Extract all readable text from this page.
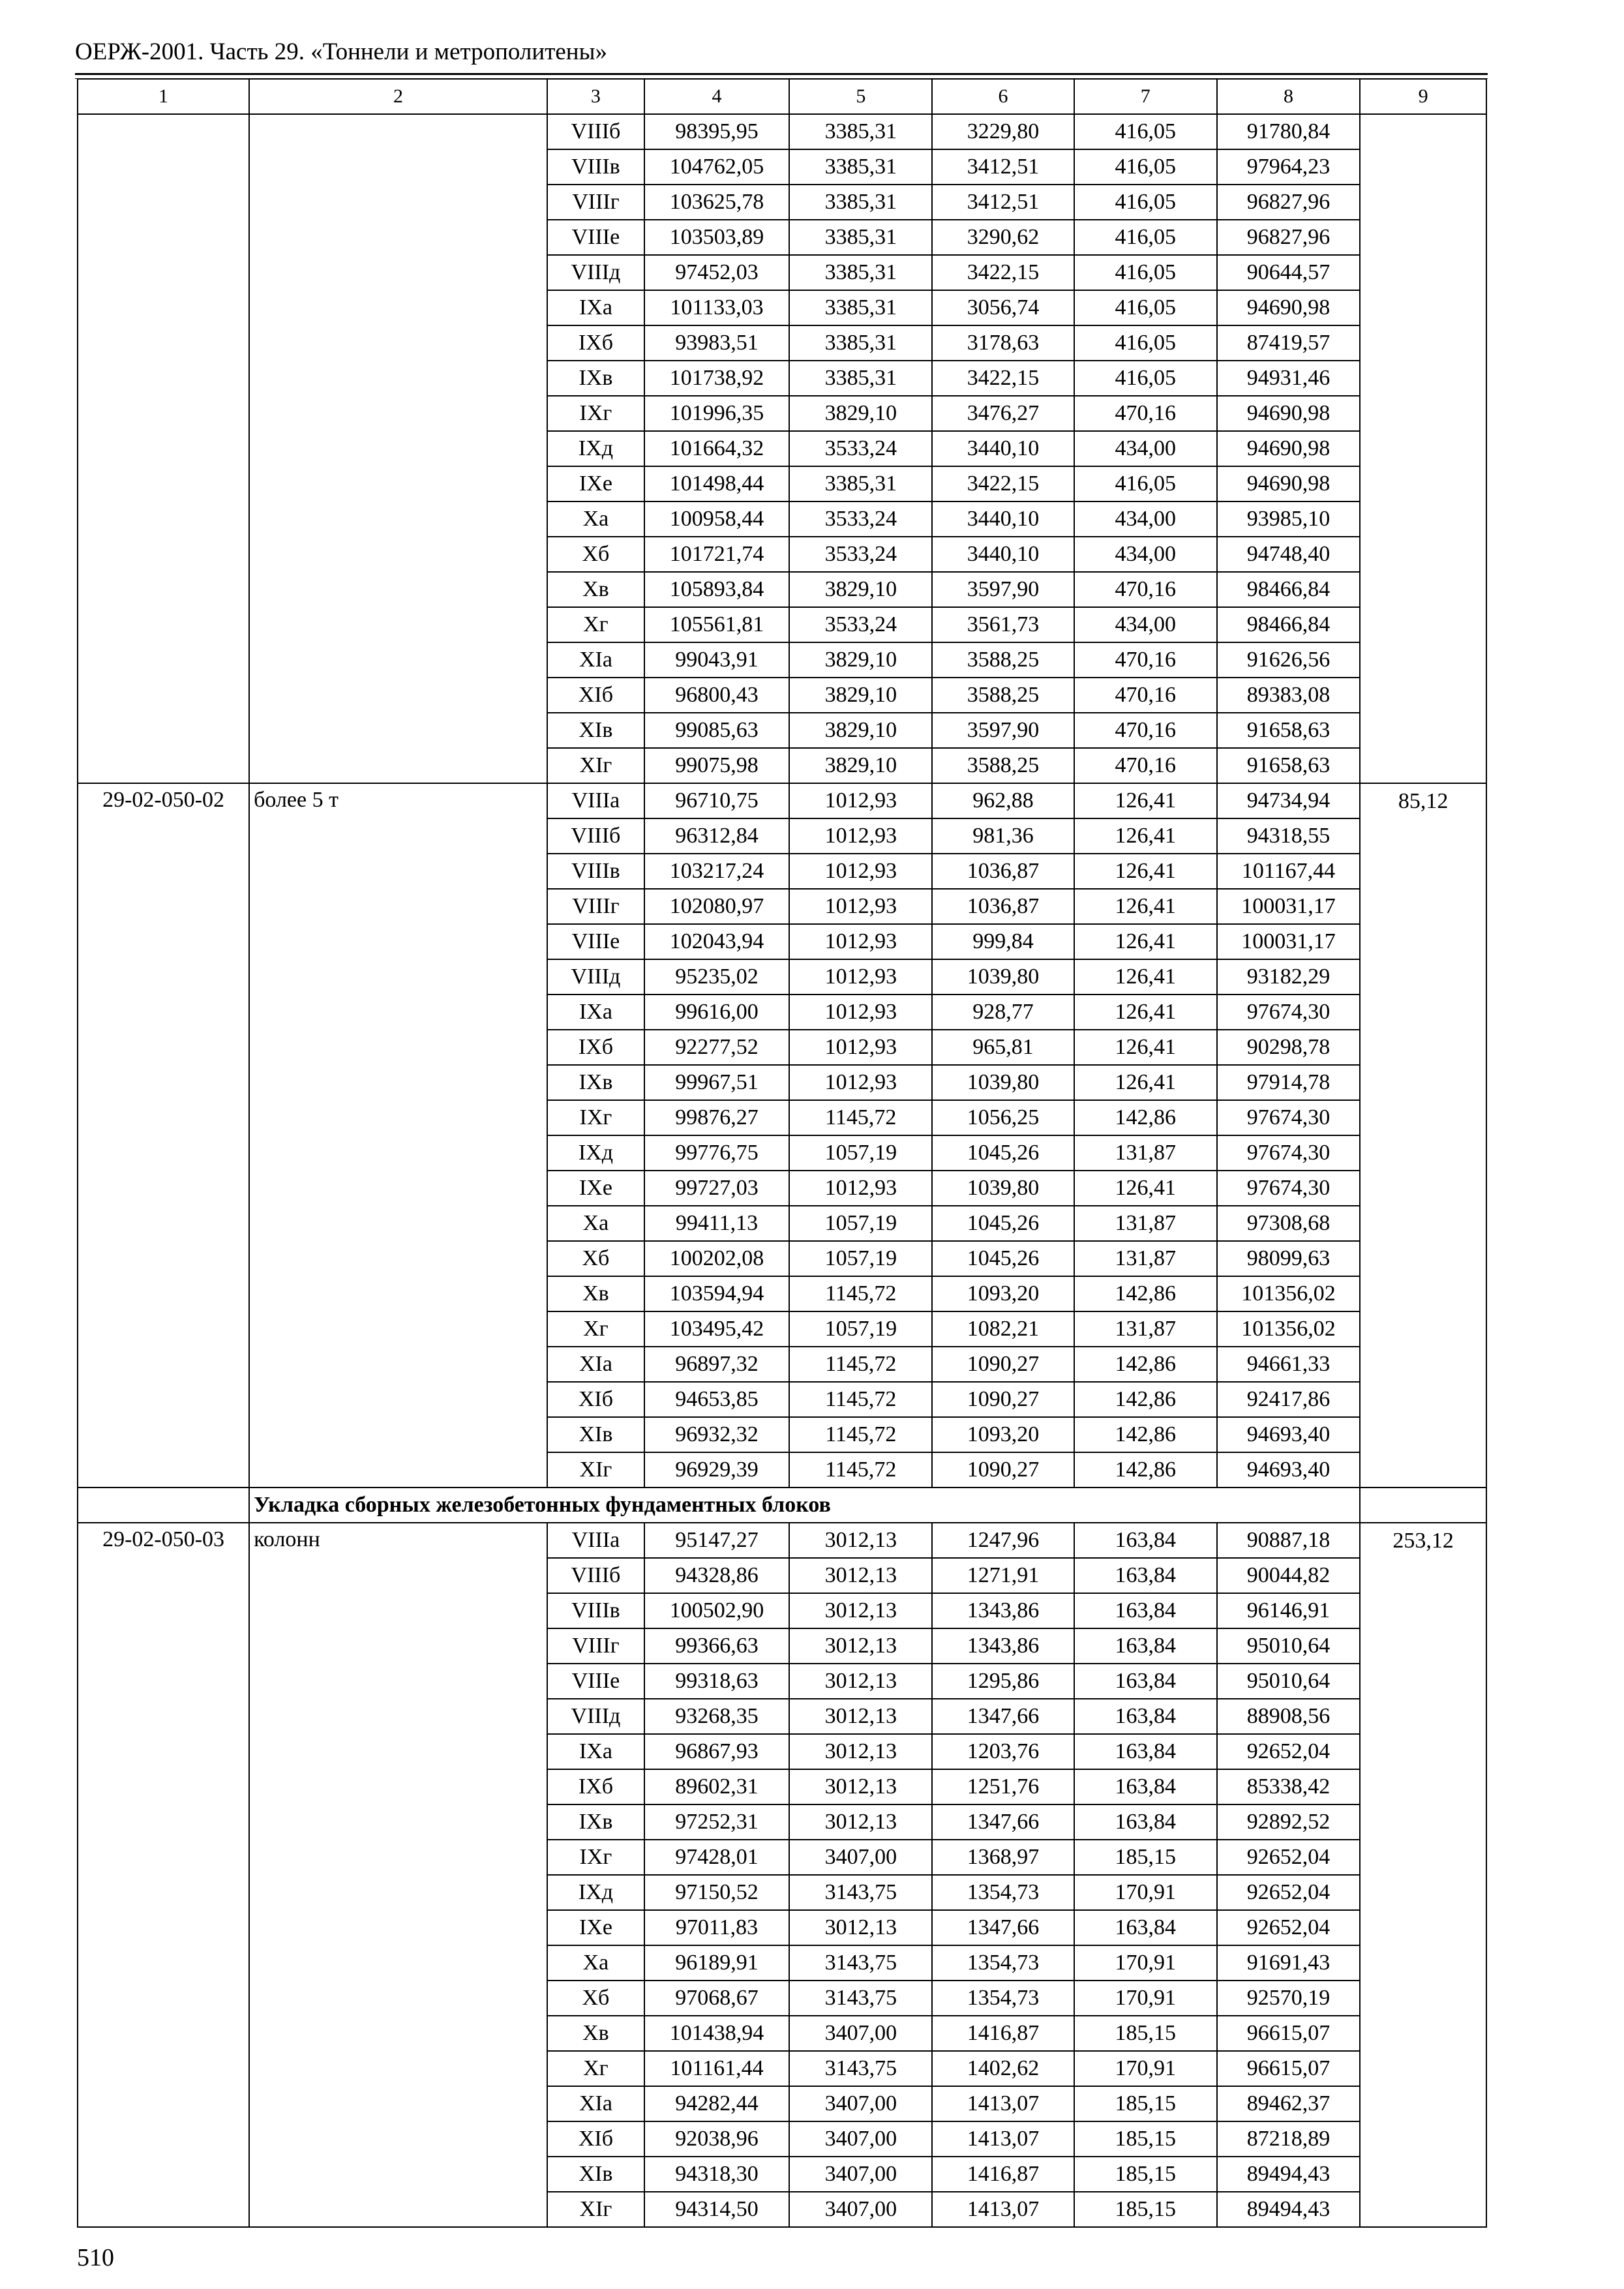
ОЕРЖ-2001. Часть 29. «Тоннели и метрополитены»
1	2	3	4	5	6	7	8	9
		VIIIб	98395,95	3385,31	3229,80	416,05	91780,84	
		VIIIв	104762,05	3385,31	3412,51	416,05	97964,23	
		VIIIг	103625,78	3385,31	3412,51	416,05	96827,96	
		VIIIе	103503,89	3385,31	3290,62	416,05	96827,96	
		VIIIд	97452,03	3385,31	3422,15	416,05	90644,57	
		IXа	101133,03	3385,31	3056,74	416,05	94690,98	
		IXб	93983,51	3385,31	3178,63	416,05	87419,57	
		IXв	101738,92	3385,31	3422,15	416,05	94931,46	
		IXг	101996,35	3829,10	3476,27	470,16	94690,98	
		IXд	101664,32	3533,24	3440,10	434,00	94690,98	
		IXе	101498,44	3385,31	3422,15	416,05	94690,98	
		Xа	100958,44	3533,24	3440,10	434,00	93985,10	
		Xб	101721,74	3533,24	3440,10	434,00	94748,40	
		Xв	105893,84	3829,10	3597,90	470,16	98466,84	
		Xг	105561,81	3533,24	3561,73	434,00	98466,84	
		XIа	99043,91	3829,10	3588,25	470,16	91626,56	
		XIб	96800,43	3829,10	3588,25	470,16	89383,08	
		XIв	99085,63	3829,10	3597,90	470,16	91658,63	
		XIг	99075,98	3829,10	3588,25	470,16	91658,63	
29-02-050-02	более 5 т	VIIIа	96710,75	1012,93	962,88	126,41	94734,94	85,12
		VIIIб	96312,84	1012,93	981,36	126,41	94318,55	
		VIIIв	103217,24	1012,93	1036,87	126,41	101167,44	
		VIIIг	102080,97	1012,93	1036,87	126,41	100031,17	
		VIIIе	102043,94	1012,93	999,84	126,41	100031,17	
		VIIIд	95235,02	1012,93	1039,80	126,41	93182,29	
		IXа	99616,00	1012,93	928,77	126,41	97674,30	
		IXб	92277,52	1012,93	965,81	126,41	90298,78	
		IXв	99967,51	1012,93	1039,80	126,41	97914,78	
		IXг	99876,27	1145,72	1056,25	142,86	97674,30	
		IXд	99776,75	1057,19	1045,26	131,87	97674,30	
		IXе	99727,03	1012,93	1039,80	126,41	97674,30	
		Xа	99411,13	1057,19	1045,26	131,87	97308,68	
		Xб	100202,08	1057,19	1045,26	131,87	98099,63	
		Xв	103594,94	1145,72	1093,20	142,86	101356,02	
		Xг	103495,42	1057,19	1082,21	131,87	101356,02	
		XIа	96897,32	1145,72	1090,27	142,86	94661,33	
		XIб	94653,85	1145,72	1090,27	142,86	92417,86	
		XIв	96932,32	1145,72	1093,20	142,86	94693,40	
		XIг	96929,39	1145,72	1090,27	142,86	94693,40	
	Укладка сборных железобетонных фундаментных блоков							
29-02-050-03	колонн	VIIIа	95147,27	3012,13	1247,96	163,84	90887,18	253,12
		VIIIб	94328,86	3012,13	1271,91	163,84	90044,82	
		VIIIв	100502,90	3012,13	1343,86	163,84	96146,91	
		VIIIг	99366,63	3012,13	1343,86	163,84	95010,64	
		VIIIе	99318,63	3012,13	1295,86	163,84	95010,64	
		VIIIд	93268,35	3012,13	1347,66	163,84	88908,56	
		IXа	96867,93	3012,13	1203,76	163,84	92652,04	
		IXб	89602,31	3012,13	1251,76	163,84	85338,42	
		IXв	97252,31	3012,13	1347,66	163,84	92892,52	
		IXг	97428,01	3407,00	1368,97	185,15	92652,04	
		IXд	97150,52	3143,75	1354,73	170,91	92652,04	
		IXе	97011,83	3012,13	1347,66	163,84	92652,04	
		Xа	96189,91	3143,75	1354,73	170,91	91691,43	
		Xб	97068,67	3143,75	1354,73	170,91	92570,19	
		Xв	101438,94	3407,00	1416,87	185,15	96615,07	
		Xг	101161,44	3143,75	1402,62	170,91	96615,07	
		XIа	94282,44	3407,00	1413,07	185,15	89462,37	
		XIб	92038,96	3407,00	1413,07	185,15	87218,89	
		XIв	94318,30	3407,00	1416,87	185,15	89494,43	
		XIг	94314,50	3407,00	1413,07	185,15	89494,43	
510
